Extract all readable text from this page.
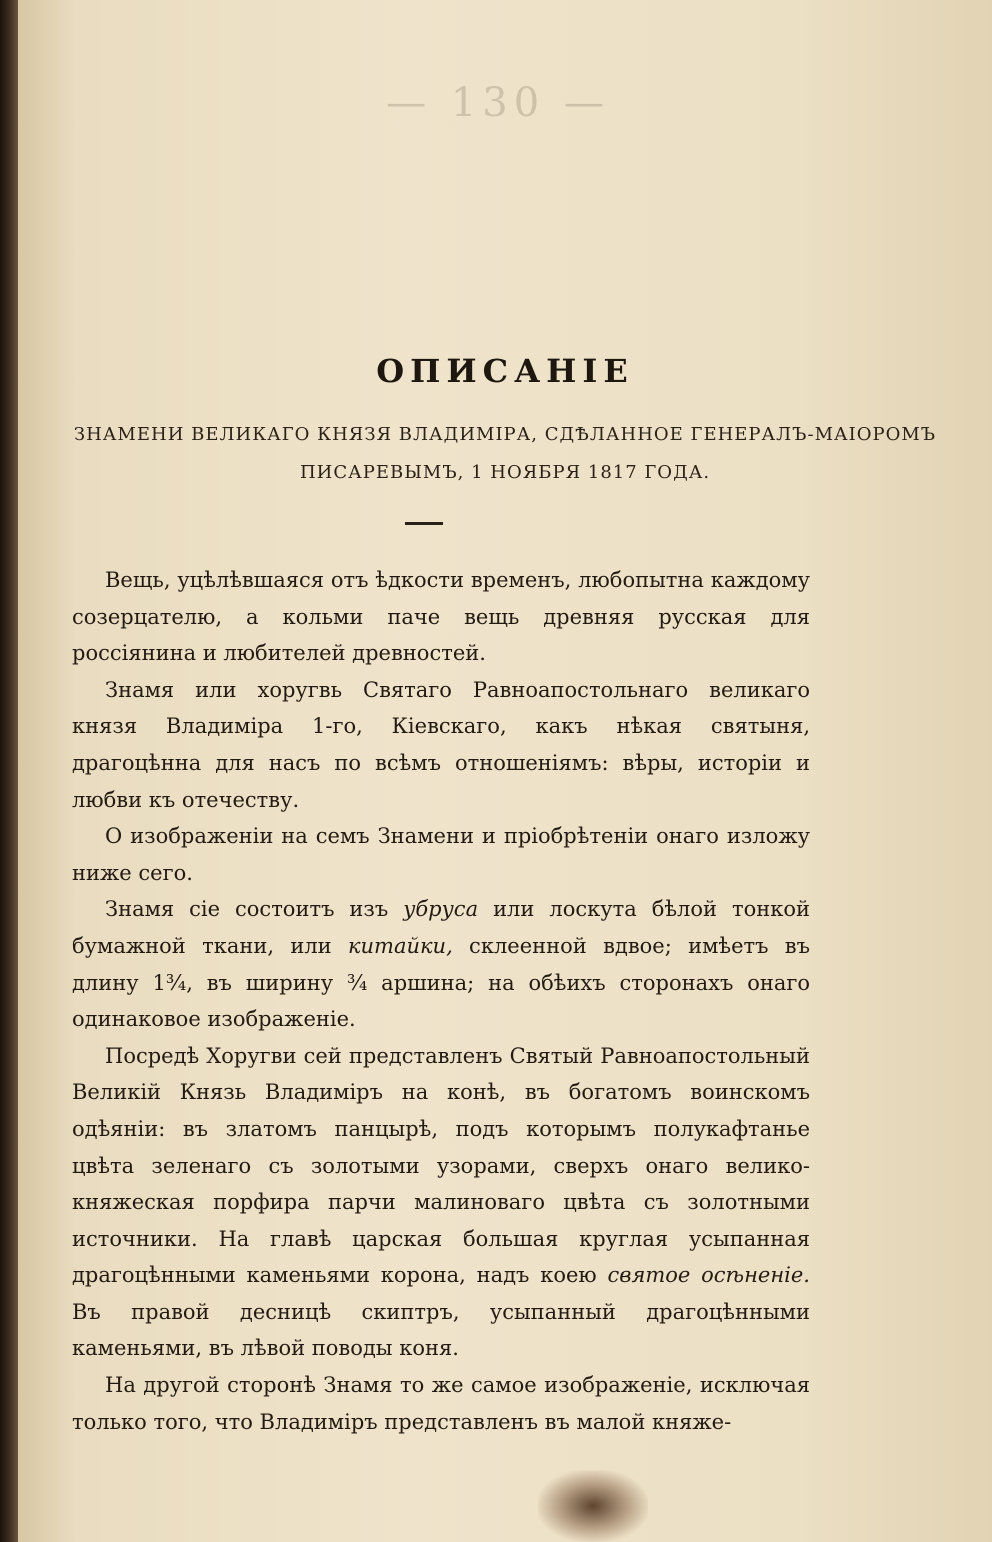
— 130 —
ОПИСАНІЕ
ЗНАМЕНИ ВЕЛИКАГО КНЯЗЯ ВЛАДИМІРА, СДѢЛАННОЕ ГЕНЕРАЛЪ-МАІОРОМЪ
ПИСАРЕВЫМЪ, 1 НОЯБРЯ 1817 ГОДА.

Вещь, уцѣлѣвшаяся отъ ѣдкости временъ, любопытна каждому созерцателю, а кольми паче вещь древняя русская для россіянина и любителей древностей.

Знамя или хоругвь Святаго Равноапостольнаго великаго князя Владиміра 1-го, Кіевскаго, какъ нѣкая святыня, драгоцѣнна для насъ по всѣмъ отношеніямъ: вѣры, исторіи и любви къ отечеству.

О изображеніи на семъ Знамени и пріобрѣтеніи онаго изложу ниже сего.

Знамя сіе состоитъ изъ убруса или лоскута бѣлой тонкой бумажной ткани, или китайки, склеенной вдвое; имѣетъ въ длину 1¾, въ ширину ¾ аршина; на обѣихъ сторонахъ онаго одинаковое изображеніе.

Посредѣ Хоругви сей представленъ Святый Равноапостольный Великій Князь Владиміръ на конѣ, въ богатомъ воинскомъ одѣяніи: въ златомъ панцырѣ, подъ которымъ полукафтанье цвѣта зеленаго съ золотыми узорами, сверхъ онаго велико-княжеская порфира парчи малиноваго цвѣта съ золотными источники. На главѣ царская большая круглая усыпанная драгоцѣнными каменьями корона, надъ коею святое осѣненіе. Въ правой десницѣ скиптръ, усыпанный драгоцѣнными каменьями, въ лѣвой поводы коня.

На другой сторонѣ Знамя то же самое изображеніе, исключая только того, что Владиміръ представленъ въ малой княже-
